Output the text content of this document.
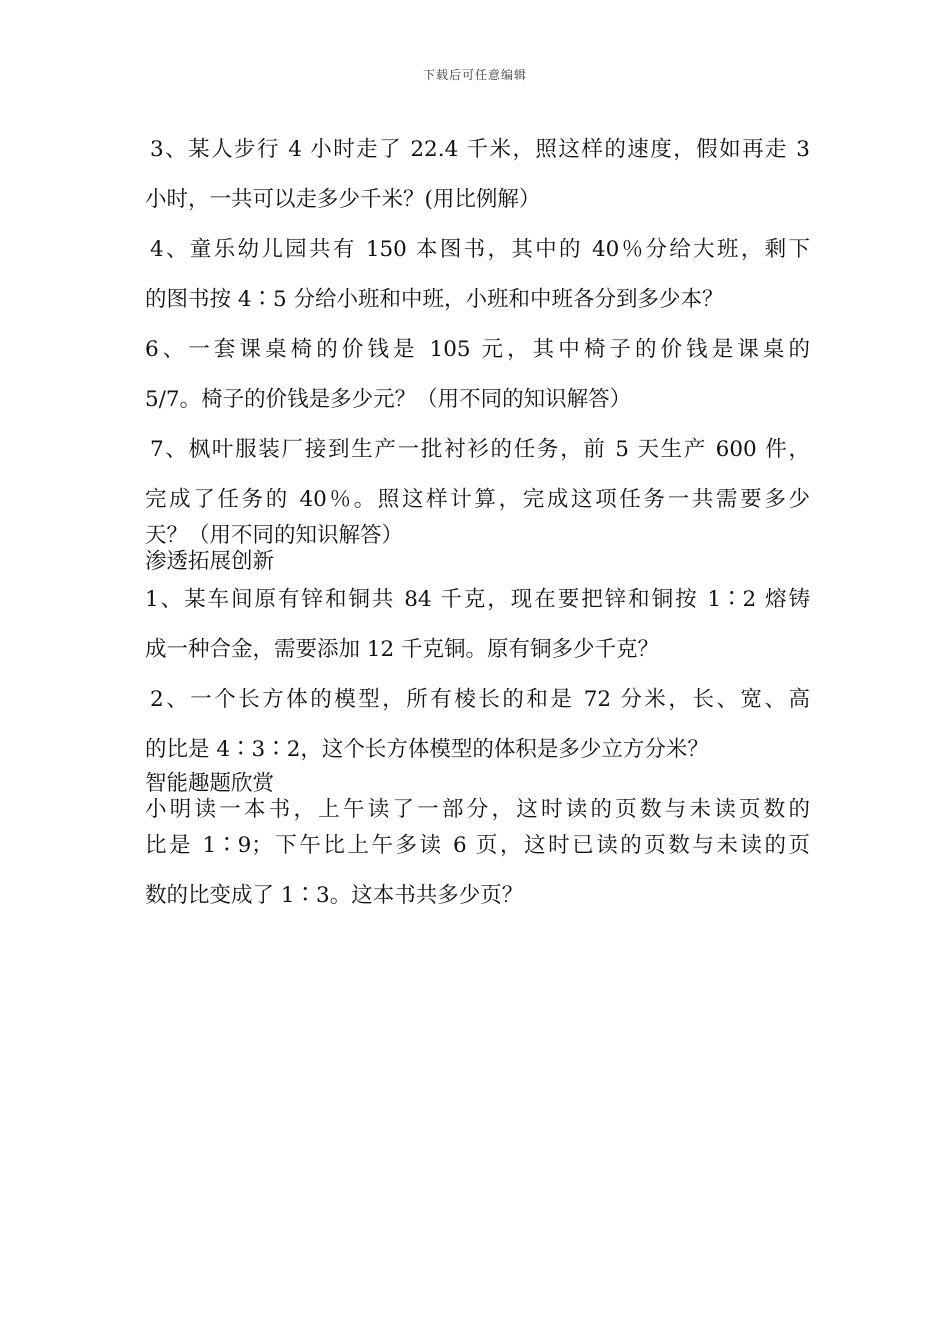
下载后可任意编辑
3、某人步行 4 小时走了 22.4 千米，照这样的速度，假如再走 3
小时，一共可以走多少千米？(用比例解）
4、童乐幼儿园共有 150 本图书，其中的 40％分给大班，剩下
的图书按 4∶5 分给小班和中班，小班和中班各分到多少本？
6、一套课桌椅的价钱是 105 元，其中椅子的价钱是课桌的
5/7。椅子的价钱是多少元？（用不同的知识解答）
7、枫叶服装厂接到生产一批衬衫的任务，前 5 天生产 600 件，
完成了任务的 40％。照这样计算，完成这项任务一共需要多少
天？（用不同的知识解答）
渗透拓展创新
1、某车间原有锌和铜共 84 千克，现在要把锌和铜按 1∶2 熔铸
成一种合金，需要添加 12 千克铜。原有铜多少千克？
2、一个长方体的模型，所有棱长的和是 72 分米，长、宽、高
的比是 4∶3∶2，这个长方体模型的体积是多少立方分米？
智能趣题欣赏
小明读一本书，上午读了一部分，这时读的页数与未读页数的
比是 1∶9；下午比上午多读 6 页，这时已读的页数与未读的页
数的比变成了 1∶3。这本书共多少页？
